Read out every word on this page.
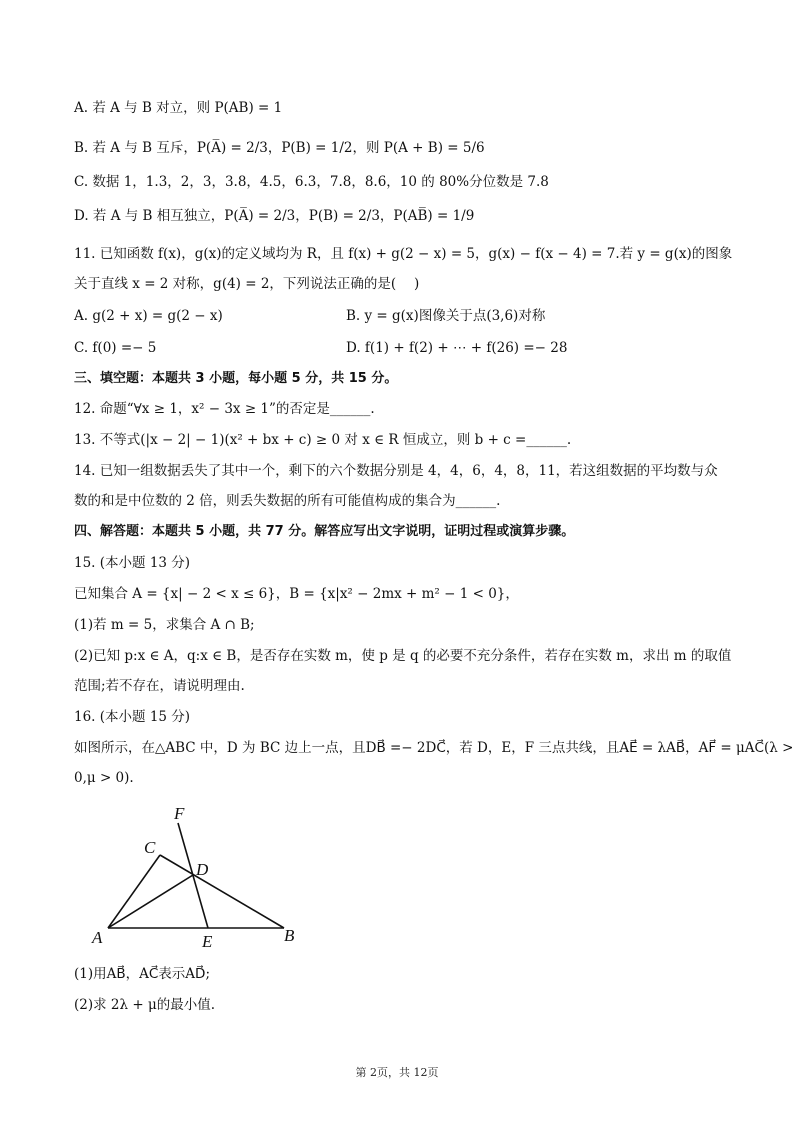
A. 若 A 与 B 对立，则 P(AB) = 1
B. 若 A 与 B 互斥，P(A̅) = 2/3，P(B) = 1/2，则 P(A + B) = 5/6
C. 数据 1，1.3，2，3，3.8，4.5，6.3，7.8，8.6，10 的 80%分位数是 7.8
D. 若 A 与 B 相互独立，P(A̅) = 2/3，P(B) = 2/3，P(AB̅) = 1/9
11. 已知函数 f(x)，g(x)的定义域均为 R，且 f(x) + g(2 − x) = 5，g(x) − f(x − 4) = 7.若 y = g(x)的图象
关于直线 x = 2 对称，g(4) = 2，下列说法正确的是(　 )
A. g(2 + x) = g(2 − x)	B. y = g(x)图像关于点(3,6)对称
C. f(0) =− 5	D. f(1) + f(2) + ⋯ + f(26) =− 28
三、填空题：本题共 3 小题，每小题 5 分，共 15 分。
12. 命题“∀x ≥ 1，x² − 3x ≥ 1”的否定是______.
13. 不等式(|x − 2| − 1)(x² + bx + c) ≥ 0 对 x ∈ R 恒成立，则 b + c =______.
14. 已知一组数据丢失了其中一个，剩下的六个数据分别是 4，4，6，4，8，11，若这组数据的平均数与众
数的和是中位数的 2 倍，则丢失数据的所有可能值构成的集合为______.
四、解答题：本题共 5 小题，共 77 分。解答应写出文字说明，证明过程或演算步骤。
15. (本小题 13 分)
已知集合 A = {x| − 2 < x ≤ 6}，B = {x|x² − 2mx + m² − 1 < 0}，
(1)若 m = 5，求集合 A ∩ B;
(2)已知 p:x ∈ A，q:x ∈ B，是否存在实数 m，使 p 是 q 的必要不充分条件，若存在实数 m，求出 m 的取值
范围;若不存在，请说明理由.
16. (本小题 15 分)
如图所示，在△ABC 中，D 为 BC 边上一点，且DB⃗ =− 2DC⃗，若 D，E，F 三点共线，且AE⃗ = λAB⃗，AF⃗ = μAC⃗(λ >
0,μ > 0).
F
C
D
A	E	B
(1)用AB⃗，AC⃗表示AD⃗;
(2)求 2λ + μ的最小值.
第 2页，共 12页
